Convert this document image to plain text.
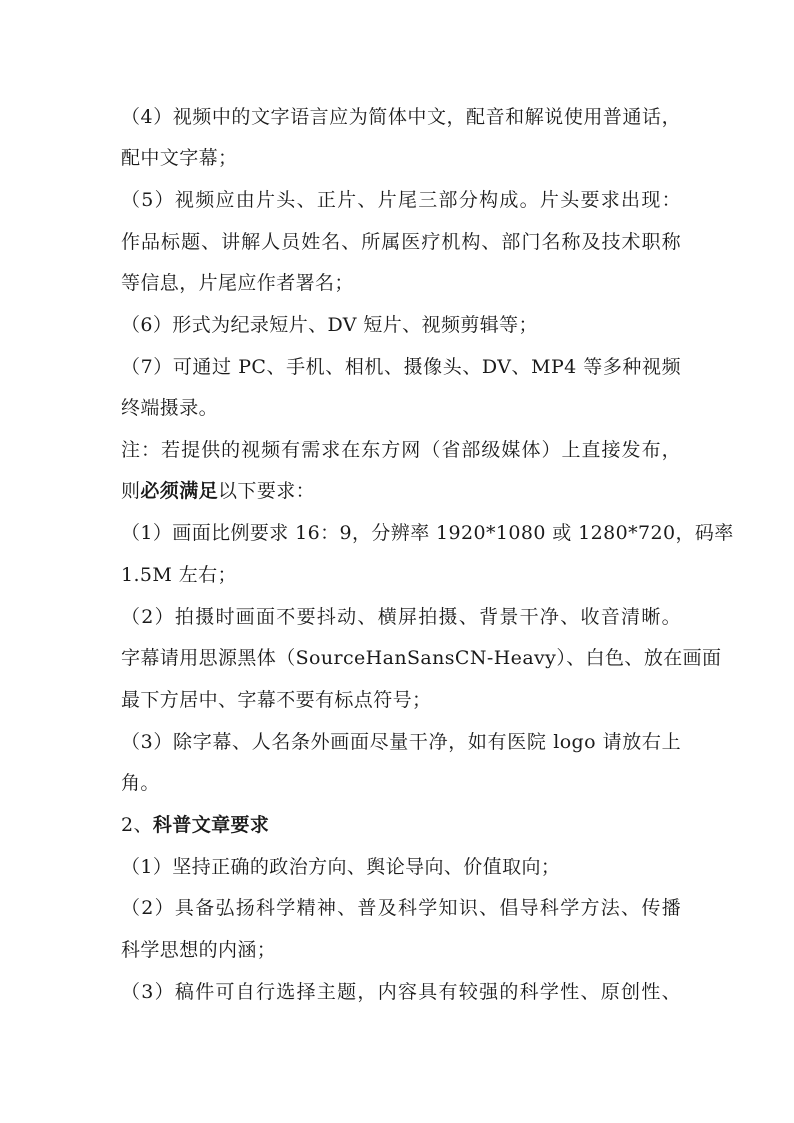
（4）视频中的文字语言应为简体中文，配音和解说使用普通话，
配中文字幕；
（5）视频应由片头、正片、片尾三部分构成。片头要求出现：
作品标题、讲解人员姓名、所属医疗机构、部门名称及技术职称
等信息，片尾应作者署名；
（6）形式为纪录短片、DV 短片、视频剪辑等；
（7）可通过 PC、手机、相机、摄像头、DV、MP4 等多种视频
终端摄录。
注：若提供的视频有需求在东方网（省部级媒体）上直接发布，
则必须满足以下要求：
（1）画面比例要求 16：9，分辨率 1920*1080 或 1280*720，码率
1.5M 左右；
（2）拍摄时画面不要抖动、横屏拍摄、背景干净、收音清晰。
字幕请用思源黑体（SourceHanSansCN-Heavy）、白色、放在画面
最下方居中、字幕不要有标点符号；
（3）除字幕、人名条外画面尽量干净，如有医院 logo 请放右上
角。
2、科普文章要求
（1）坚持正确的政治方向、舆论导向、价值取向；
（2）具备弘扬科学精神、普及科学知识、倡导科学方法、传播
科学思想的内涵；
（3）稿件可自行选择主题，内容具有较强的科学性、原创性、
